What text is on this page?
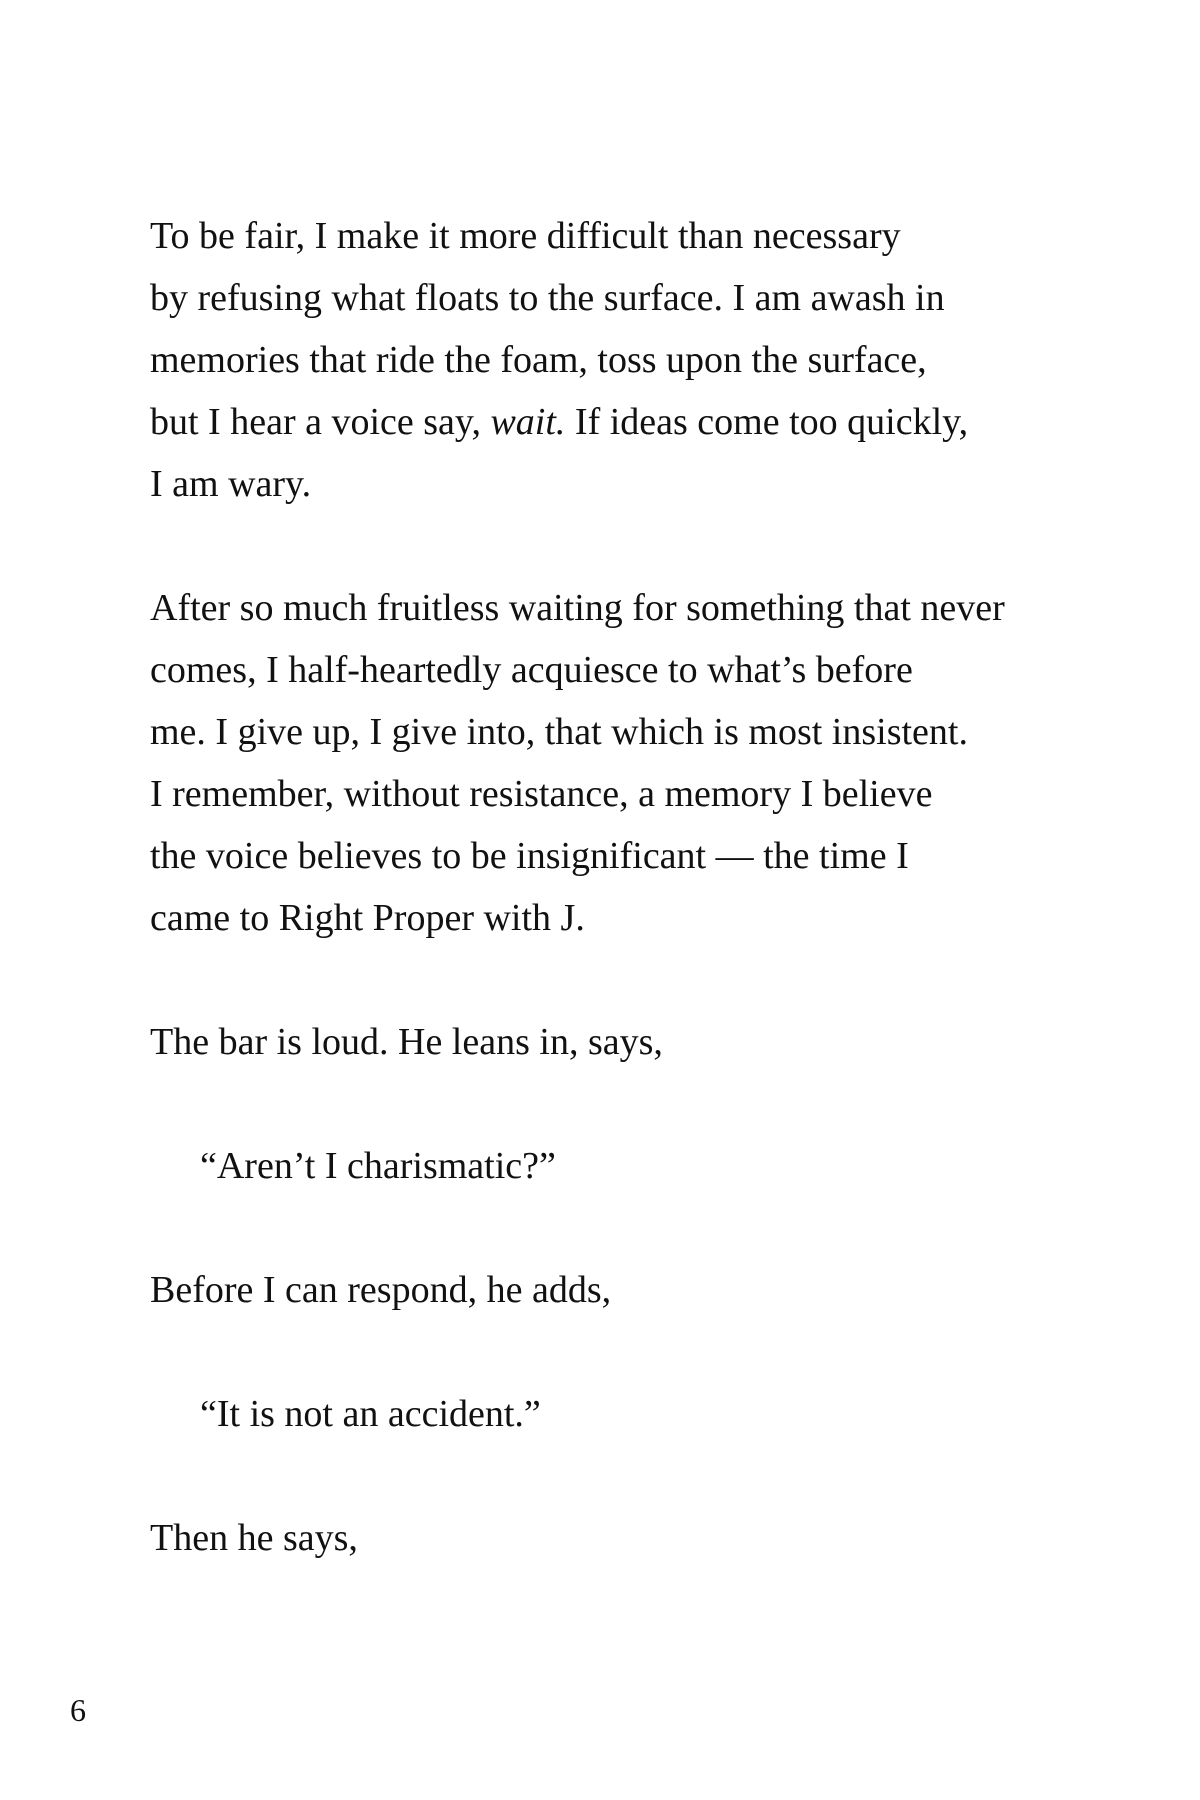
To be fair, I make it more difficult than necessary
by refusing what floats to the surface. I am awash in
memories that ride the foam, toss upon the surface,
but I hear a voice say, wait. If ideas come too quickly,
I am wary.

After so much fruitless waiting for something that never
comes, I half-heartedly acquiesce to what’s before
me. I give up, I give into, that which is most insistent.
I remember, without resistance, a memory I believe
the voice believes to be insignificant — the time I
came to Right Proper with J.

The bar is loud. He leans in, says,

“Aren’t I charismatic?”

Before I can respond, he adds,

“It is not an accident.”

Then he says,

6
